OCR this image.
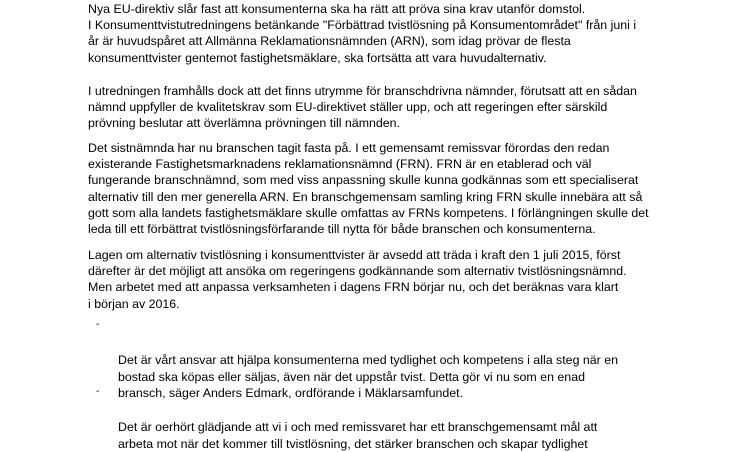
Nya EU-direktiv slår fast att konsumenterna ska ha rätt att pröva sina krav utanför domstol.
I Konsumenttvistutredningens betänkande "Förbättrad tvistlösning på Konsumentområdet" från juni i
år är huvudspåret att Allmänna Reklamationsnämnden (ARN), som idag prövar de flesta
konsumenttvister gentemot fastighetsmäklare, ska fortsätta att vara huvudalternativ.

I utredningen framhålls dock att det finns utrymme för branschdrivna nämnder, förutsatt att en sådan
nämnd uppfyller de kvalitetskrav som EU-direktivet ställer upp, och att regeringen efter särskild
prövning beslutar att överlämna prövningen till nämnden.

Det sistnämnda har nu branschen tagit fasta på. I ett gemensamt remissvar förordas den redan
existerande Fastighetsmarknadens reklamationsnämnd (FRN). FRN är en etablerad och väl
fungerande branschnämnd, som med viss anpassning skulle kunna godkännas som ett specialiserat
alternativ till den mer generella ARN. En branschgemensam samling kring FRN skulle innebära att så
gott som alla landets fastighetsmäklare skulle omfattas av FRNs kompetens. I förlängningen skulle det
leda till ett förbättrat tvistlösningsförfarande till nytta för både branschen och konsumenterna.

Lagen om alternativ tvistlösning i konsumenttvister är avsedd att träda i kraft den 1 juli 2015, först
därefter är det möjligt att ansöka om regeringens godkännande som alternativ tvistlösningsnämnd.
Men arbetet med att anpassa verksamheten i dagens FRN börjar nu, och det beräknas vara klart
i början av 2016.

-

Det är vårt ansvar att hjälpa konsumenterna med tydlighet och kompetens i alla steg när en
bostad ska köpas eller säljas, även när det uppstår tvist. Detta gör vi nu som en enad
bransch, säger Anders Edmark, ordförande i Mäklarsamfundet.

-

Det är oerhört glädjande att vi i och med remissvaret har ett branschgemensamt mål att
arbeta mot när det kommer till tvistlösning, det stärker branschen och skapar tydlighet
